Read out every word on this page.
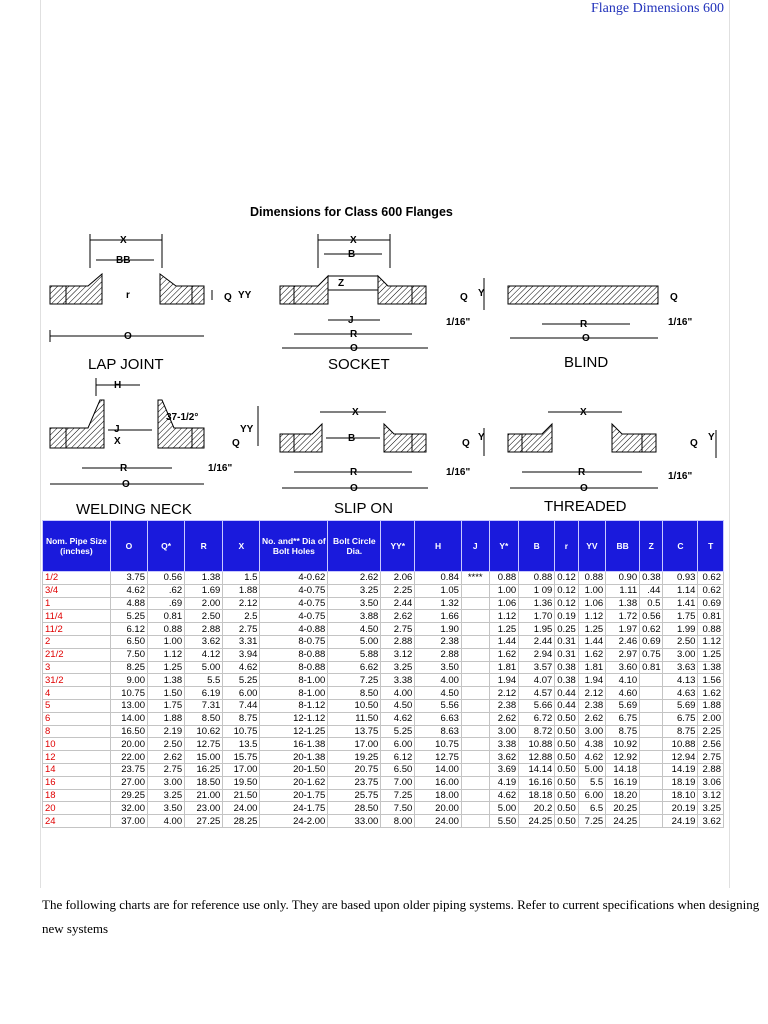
Flange Dimensions 600
Dimensions for Class 600 Flanges
X
BB
O
r	Q YY
X
B
Z
J
R
O
Q Y
1/16"	R
O
Q
1/16"
H
37-1/2°
J
X
R
O
YY
Q
1/16"
X
B
R
O
Q
Y
1/16"
X
R
O
Q
Y
1/16"
LAP JOINT	SOCKET	BLIND
WELDING NECK	SLIP ON	THREADED
Nom. Pipe Size (inches)	O	Q*	R	X	No. and** Dia of Bolt Holes	Bolt Circle Dia.	YY*	H	J	Y*	B	r	YV	BB	Z	C	T
1/2	3.75	0.56	1.38	1.5	4-0.62	2.62	2.06	0.84	****	0.88	0.88	0.12	0.88	0.90	0.38	0.93	0.62
3/4	4.62	.62	1.69	1.88	4-0.75	3.25	2.25	1.05		1.00	1 09	0.12	1.00	1.11	.44	1.14	0.62
1	4.88	.69	2.00	2.12	4-0.75	3.50	2.44	1.32		1.06	1.36	0.12	1.06	1.38	0.5	1.41	0.69
11/4	5.25	0.81	2.50	2.5	4-0.75	3.88	2.62	1.66		1.12	1.70	0.19	1.12	1.72	0.56	1.75	0.81
11/2	6.12	0.88	2.88	2.75	4-0.88	4.50	2.75	1.90		1.25	1.95	0.25	1.25	1.97	0.62	1.99	0.88
2	6.50	1.00	3.62	3.31	8-0.75	5.00	2.88	2.38		1.44	2.44	0.31	1.44	2.46	0.69	2.50	1.12
21/2	7.50	1.12	4.12	3.94	8-0.88	5.88	3.12	2.88		1.62	2.94	0.31	1.62	2.97	0.75	3.00	1.25
3	8.25	1.25	5.00	4.62	8-0.88	6.62	3.25	3.50		1.81	3.57	0.38	1.81	3.60	0.81	3.63	1.38
31/2	9.00	1.38	5.5	5.25	8-1.00	7.25	3.38	4.00		1.94	4.07	0.38	1.94	4.10		4.13	1.56
4	10.75	1.50	6.19	6.00	8-1.00	8.50	4.00	4.50		2.12	4.57	0.44	2.12	4.60		4.63	1.62
5	13.00	1.75	7.31	7.44	8-1.12	10.50	4.50	5.56		2.38	5.66	0.44	2.38	5.69		5.69	1.88
6	14.00	1.88	8.50	8.75	12-1.12	11.50	4.62	6.63		2.62	6.72	0.50	2.62	6.75		6.75	2.00
8	16.50	2.19	10.62	10.75	12-1.25	13.75	5.25	8.63		3.00	8.72	0.50	3.00	8.75		8.75	2.25
10	20.00	2.50	12.75	13.5	16-1.38	17.00	6.00	10.75		3.38	10.88	0.50	4.38	10.92		10.88	2.56
12	22.00	2.62	15.00	15.75	20-1.38	19.25	6.12	12.75		3.62	12.88	0.50	4.62	12.92		12.94	2.75
14	23.75	2.75	16.25	17.00	20-1.50	20.75	6.50	14.00		3.69	14.14	0.50	5.00	14.18		14.19	2.88
16	27.00	3.00	18.50	19.50	20-1.62	23.75	7.00	16.00		4.19	16.16	0.50	5.5	16.19		18.19	3.06
18	29.25	3.25	21.00	21.50	20-1.75	25.75	7.25	18.00		4.62	18.18	0.50	6.00	18.20		18.10	3.12
20	32.00	3.50	23.00	24.00	24-1.75	28.50	7.50	20.00		5.00	20.2	0.50	6.5	20.25		20.19	3.25
24	37.00	4.00	27.25	28.25	24-2.00	33.00	8.00	24.00		5.50	24.25	0.50	7.25	24.25		24.19	3.62
The following charts are for reference use only. They are based upon older piping systems. Refer to current specifications when designing new systems
